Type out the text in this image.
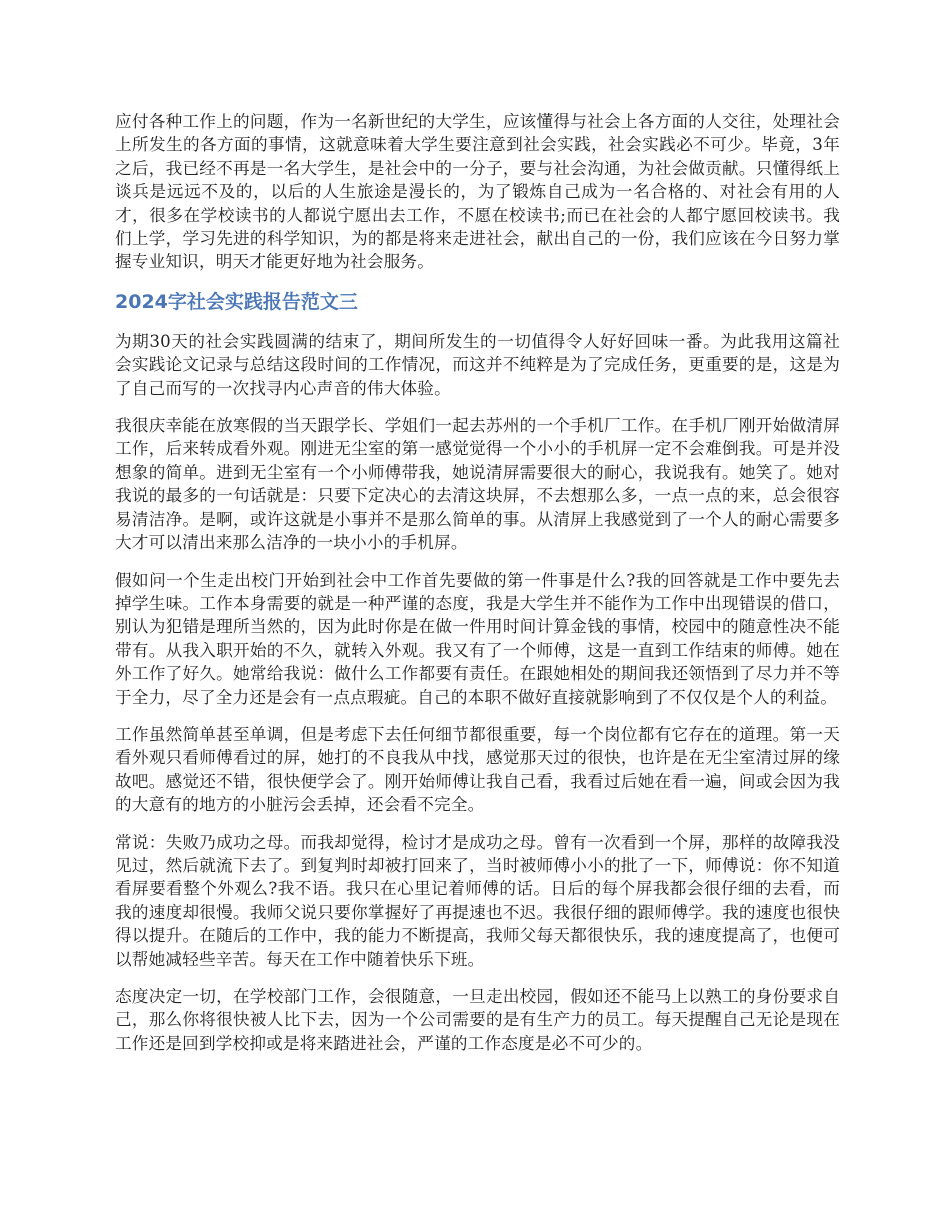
应付各种工作上的问题，作为一名新世纪的大学生，应该懂得与社会上各方面的人交往，处理社会上所发生的各方面的事情，这就意味着大学生要注意到社会实践，社会实践必不可少。毕竟，3年之后，我已经不再是一名大学生，是社会中的一分子，要与社会沟通，为社会做贡献。只懂得纸上谈兵是远远不及的，以后的人生旅途是漫长的，为了锻炼自己成为一名合格的、对社会有用的人才，很多在学校读书的人都说宁愿出去工作，不愿在校读书;而已在社会的人都宁愿回校读书。我们上学，学习先进的科学知识，为的都是将来走进社会，献出自己的一份，我们应该在今日努力掌握专业知识，明天才能更好地为社会服务。

2024字社会实践报告范文三

为期30天的社会实践圆满的结束了，期间所发生的一切值得令人好好回味一番。为此我用这篇社会实践论文记录与总结这段时间的工作情况，而这并不纯粹是为了完成任务，更重要的是，这是为了自己而写的一次找寻内心声音的伟大体验。

我很庆幸能在放寒假的当天跟学长、学姐们一起去苏州的一个手机厂工作。在手机厂刚开始做清屏工作，后来转成看外观。刚进无尘室的第一感觉觉得一个小小的手机屏一定不会难倒我。可是并没想象的简单。进到无尘室有一个小师傅带我，她说清屏需要很大的耐心，我说我有。她笑了。她对我说的最多的一句话就是：只要下定决心的去清这块屏，不去想那么多，一点一点的来，总会很容易清洁净。是啊，或许这就是小事并不是那么简单的事。从清屏上我感觉到了一个人的耐心需要多大才可以清出来那么洁净的一块小小的手机屏。

假如问一个生走出校门开始到社会中工作首先要做的第一件事是什么?我的回答就是工作中要先去掉学生味。工作本身需要的就是一种严谨的态度，我是大学生并不能作为工作中出现错误的借口，别认为犯错是理所当然的，因为此时你是在做一件用时间计算金钱的事情，校园中的随意性决不能带有。从我入职开始的不久，就转入外观。我又有了一个师傅，这是一直到工作结束的师傅。她在外工作了好久。她常给我说：做什么工作都要有责任。在跟她相处的期间我还领悟到了尽力并不等于全力，尽了全力还是会有一点点瑕疵。自己的本职不做好直接就影响到了不仅仅是个人的利益。

工作虽然简单甚至单调，但是考虑下去任何细节都很重要，每一个岗位都有它存在的道理。第一天看外观只看师傅看过的屏，她打的不良我从中找，感觉那天过的很快，也许是在无尘室清过屏的缘故吧。感觉还不错，很快便学会了。刚开始师傅让我自己看，我看过后她在看一遍，间或会因为我的大意有的地方的小脏污会丢掉，还会看不完全。

常说：失败乃成功之母。而我却觉得，检讨才是成功之母。曾有一次看到一个屏，那样的故障我没见过，然后就流下去了。到复判时却被打回来了，当时被师傅小小的批了一下，师傅说：你不知道看屏要看整个外观么?我不语。我只在心里记着师傅的话。日后的每个屏我都会很仔细的去看，而我的速度却很慢。我师父说只要你掌握好了再提速也不迟。我很仔细的跟师傅学。我的速度也很快得以提升。在随后的工作中，我的能力不断提高，我师父每天都很快乐，我的速度提高了，也便可以帮她减轻些辛苦。每天在工作中随着快乐下班。

态度决定一切，在学校部门工作，会很随意，一旦走出校园，假如还不能马上以熟工的身份要求自己，那么你将很快被人比下去，因为一个公司需要的是有生产力的员工。每天提醒自己无论是现在工作还是回到学校抑或是将来踏进社会，严谨的工作态度是必不可少的。
